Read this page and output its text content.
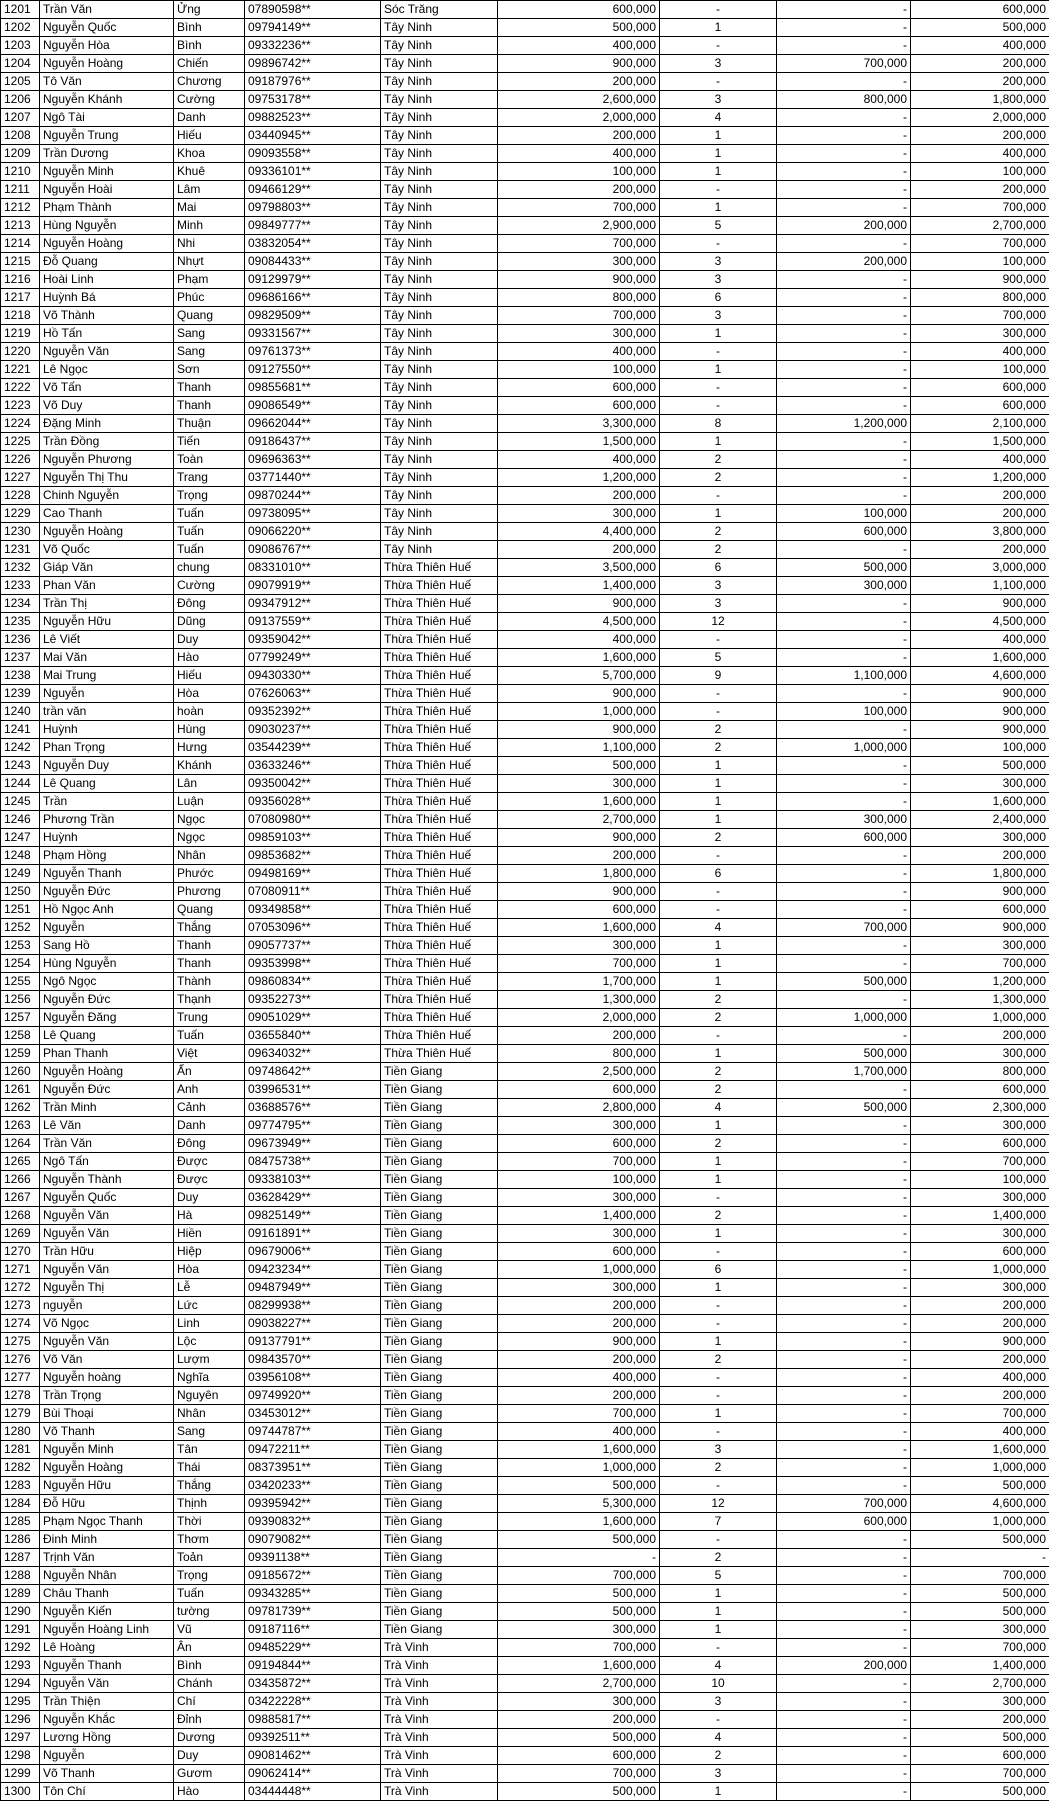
1201	Trần Văn	Ửng	07890598**	Sóc Trăng	600,000	-	-	600,000
1202	Nguyễn Quốc	Bình	09794149**	Tây Ninh	500,000	1	-	500,000
1203	Nguyễn Hòa	Bình	09332236**	Tây Ninh	400,000	-	-	400,000
1204	Nguyễn Hoàng	Chiến	09896742**	Tây Ninh	900,000	3	700,000	200,000
1205	Tô Văn	Chương	09187976**	Tây Ninh	200,000	-	-	200,000
1206	Nguyễn Khánh	Cường	09753178**	Tây Ninh	2,600,000	3	800,000	1,800,000
1207	Ngô Tài	Danh	09882523**	Tây Ninh	2,000,000	4	-	2,000,000
1208	Nguyễn Trung	Hiếu	03440945**	Tây Ninh	200,000	1	-	200,000
1209	Trần Dương	Khoa	09093558**	Tây Ninh	400,000	1	-	400,000
1210	Nguyễn Minh	Khuê	09336101**	Tây Ninh	100,000	1	-	100,000
1211	Nguyễn Hoài	Lâm	09466129**	Tây Ninh	200,000	-	-	200,000
1212	Phạm Thành	Mai	09798803**	Tây Ninh	700,000	1	-	700,000
1213	Hùng Nguyễn	Minh	09849777**	Tây Ninh	2,900,000	5	200,000	2,700,000
1214	Nguyễn Hoàng	Nhi	03832054**	Tây Ninh	700,000	-	-	700,000
1215	Đỗ Quang	Nhựt	09084433**	Tây Ninh	300,000	3	200,000	100,000
1216	Hoài Linh	Phạm	09129979**	Tây Ninh	900,000	3	-	900,000
1217	Huỳnh Bá	Phúc	09686166**	Tây Ninh	800,000	6	-	800,000
1218	Võ Thành	Quang	09829509**	Tây Ninh	700,000	3	-	700,000
1219	Hồ Tấn	Sang	09331567**	Tây Ninh	300,000	1	-	300,000
1220	Nguyễn Văn	Sang	09761373**	Tây Ninh	400,000	-	-	400,000
1221	Lê Ngọc	Sơn	09127550**	Tây Ninh	100,000	1	-	100,000
1222	Võ Tấn	Thanh	09855681**	Tây Ninh	600,000	-	-	600,000
1223	Võ Duy	Thanh	09086549**	Tây Ninh	600,000	-	-	600,000
1224	Đặng Minh	Thuận	09662044**	Tây Ninh	3,300,000	8	1,200,000	2,100,000
1225	Trần Đồng	Tiến	09186437**	Tây Ninh	1,500,000	1	-	1,500,000
1226	Nguyễn Phương	Toàn	09696363**	Tây Ninh	400,000	2	-	400,000
1227	Nguyễn Thị Thu	Trang	03771440**	Tây Ninh	1,200,000	2	-	1,200,000
1228	Chinh Nguyễn	Trọng	09870244**	Tây Ninh	200,000	-	-	200,000
1229	Cao Thanh	Tuấn	09738095**	Tây Ninh	300,000	1	100,000	200,000
1230	Nguyễn Hoàng	Tuấn	09066220**	Tây Ninh	4,400,000	2	600,000	3,800,000
1231	Võ Quốc	Tuấn	09086767**	Tây Ninh	200,000	2	-	200,000
1232	Giáp Văn	chung	08331010**	Thừa Thiên Huế	3,500,000	6	500,000	3,000,000
1233	Phan Văn	Cường	09079919**	Thừa Thiên Huế	1,400,000	3	300,000	1,100,000
1234	Trần Thị	Đông	09347912**	Thừa Thiên Huế	900,000	3	-	900,000
1235	Nguyễn Hữu	Dũng	09137559**	Thừa Thiên Huế	4,500,000	12	-	4,500,000
1236	Lê Viết	Duy	09359042**	Thừa Thiên Huế	400,000	-	-	400,000
1237	Mai Văn	Hào	07799249**	Thừa Thiên Huế	1,600,000	5	-	1,600,000
1238	Mai Trung	Hiếu	09430330**	Thừa Thiên Huế	5,700,000	9	1,100,000	4,600,000
1239	Nguyễn	Hòa	07626063**	Thừa Thiên Huế	900,000	-	-	900,000
1240	trần văn	hoàn	09352392**	Thừa Thiên Huế	1,000,000	-	100,000	900,000
1241	Huỳnh	Hùng	09030237**	Thừa Thiên Huế	900,000	2	-	900,000
1242	Phan Trọng	Hưng	03544239**	Thừa Thiên Huế	1,100,000	2	1,000,000	100,000
1243	Nguyễn Duy	Khánh	03633246**	Thừa Thiên Huế	500,000	1	-	500,000
1244	Lê Quang	Lân	09350042**	Thừa Thiên Huế	300,000	1	-	300,000
1245	Trần	Luận	09356028**	Thừa Thiên Huế	1,600,000	1	-	1,600,000
1246	Phương Trần	Ngọc	07080980**	Thừa Thiên Huế	2,700,000	1	300,000	2,400,000
1247	Huỳnh	Ngọc	09859103**	Thừa Thiên Huế	900,000	2	600,000	300,000
1248	Phạm Hồng	Nhân	09853682**	Thừa Thiên Huế	200,000	-	-	200,000
1249	Nguyễn Thanh	Phước	09498169**	Thừa Thiên Huế	1,800,000	6	-	1,800,000
1250	Nguyễn Đức	Phương	07080911**	Thừa Thiên Huế	900,000	-	-	900,000
1251	Hồ Ngọc Anh	Quang	09349858**	Thừa Thiên Huế	600,000	-	-	600,000
1252	Nguyễn	Thắng	07053096**	Thừa Thiên Huế	1,600,000	4	700,000	900,000
1253	Sang Hồ	Thanh	09057737**	Thừa Thiên Huế	300,000	1	-	300,000
1254	Hùng Nguyễn	Thanh	09353998**	Thừa Thiên Huế	700,000	1	-	700,000
1255	Ngô Ngọc	Thành	09860834**	Thừa Thiên Huế	1,700,000	1	500,000	1,200,000
1256	Nguyễn Đức	Thạnh	09352273**	Thừa Thiên Huế	1,300,000	2	-	1,300,000
1257	Nguyễn Đăng	Trung	09051029**	Thừa Thiên Huế	2,000,000	2	1,000,000	1,000,000
1258	Lê Quang	Tuấn	03655840**	Thừa Thiên Huế	200,000	-	-	200,000
1259	Phan Thanh	Việt	09634032**	Thừa Thiên Huế	800,000	1	500,000	300,000
1260	Nguyễn Hoàng	Ẩn	09748642**	Tiền Giang	2,500,000	2	1,700,000	800,000
1261	Nguyễn Đức	Anh	03996531**	Tiền Giang	600,000	2	-	600,000
1262	Trần Minh	Cảnh	03688576**	Tiền Giang	2,800,000	4	500,000	2,300,000
1263	Lê Văn	Danh	09774795**	Tiền Giang	300,000	1	-	300,000
1264	Trần Văn	Đông	09673949**	Tiền Giang	600,000	2	-	600,000
1265	Ngô Tấn	Được	08475738**	Tiền Giang	700,000	1	-	700,000
1266	Nguyễn Thành	Được	09338103**	Tiền Giang	100,000	1	-	100,000
1267	Nguyễn Quốc	Duy	03628429**	Tiền Giang	300,000	-	-	300,000
1268	Nguyễn Văn	Hà	09825149**	Tiền Giang	1,400,000	2	-	1,400,000
1269	Nguyễn Văn	Hiền	09161891**	Tiền Giang	300,000	1	-	300,000
1270	Trần Hữu	Hiệp	09679006**	Tiền Giang	600,000	-	-	600,000
1271	Nguyễn Văn	Hòa	09423234**	Tiền Giang	1,000,000	6	-	1,000,000
1272	Nguyễn Thị	Lễ	09487949**	Tiền Giang	300,000	1	-	300,000
1273	nguyễn	Lức	08299938**	Tiền Giang	200,000	-	-	200,000
1274	Võ Ngọc	Linh	09038227**	Tiền Giang	200,000	-	-	200,000
1275	Nguyễn Văn	Lộc	09137791**	Tiền Giang	900,000	1	-	900,000
1276	Võ Văn	Lượm	09843570**	Tiền Giang	200,000	2	-	200,000
1277	Nguyễn hoàng	Nghĩa	03956108**	Tiền Giang	400,000	-	-	400,000
1278	Trần Trọng	Nguyên	09749920**	Tiền Giang	200,000	-	-	200,000
1279	Bùi Thoại	Nhân	03453012**	Tiền Giang	700,000	1	-	700,000
1280	Võ Thanh	Sang	09744787**	Tiền Giang	400,000	-	-	400,000
1281	Nguyễn Minh	Tân	09472211**	Tiền Giang	1,600,000	3	-	1,600,000
1282	Nguyễn Hoàng	Thái	08373951**	Tiền Giang	1,000,000	2	-	1,000,000
1283	Nguyễn Hữu	Thắng	03420233**	Tiền Giang	500,000	-	-	500,000
1284	Đỗ Hữu	Thịnh	09395942**	Tiền Giang	5,300,000	12	700,000	4,600,000
1285	Phạm Ngọc Thanh	Thời	09390832**	Tiền Giang	1,600,000	7	600,000	1,000,000
1286	Đinh Minh	Thơm	09079082**	Tiền Giang	500,000	-	-	500,000
1287	Trịnh Văn	Toản	09391138**	Tiền Giang	-	2	-	-
1288	Nguyễn Nhân	Trọng	09185672**	Tiền Giang	700,000	5	-	700,000
1289	Châu Thanh	Tuấn	09343285**	Tiền Giang	500,000	1	-	500,000
1290	Nguyễn Kiến	tường	09781739**	Tiền Giang	500,000	1	-	500,000
1291	Nguyễn Hoàng Linh	Vũ	09187116**	Tiền Giang	300,000	1	-	300,000
1292	Lê Hoàng	Ân	09485229**	Trà Vinh	700,000	-	-	700,000
1293	Nguyễn Thanh	Bình	09194844**	Trà Vinh	1,600,000	4	200,000	1,400,000
1294	Nguyễn Văn	Chánh	03435872**	Trà Vinh	2,700,000	10	-	2,700,000
1295	Trần Thiện	Chí	03422228**	Trà Vinh	300,000	3	-	300,000
1296	Nguyễn Khắc	Đỉnh	09885817**	Trà Vinh	200,000	-	-	200,000
1297	Lương Hồng	Dương	09392511**	Trà Vinh	500,000	4	-	500,000
1298	Nguyễn	Duy	09081462**	Trà Vinh	600,000	2	-	600,000
1299	Võ Thanh	Gươm	09062414**	Trà Vinh	700,000	3	-	700,000
1300	Tôn Chí	Hào	03444448**	Trà Vinh	500,000	1	-	500,000
